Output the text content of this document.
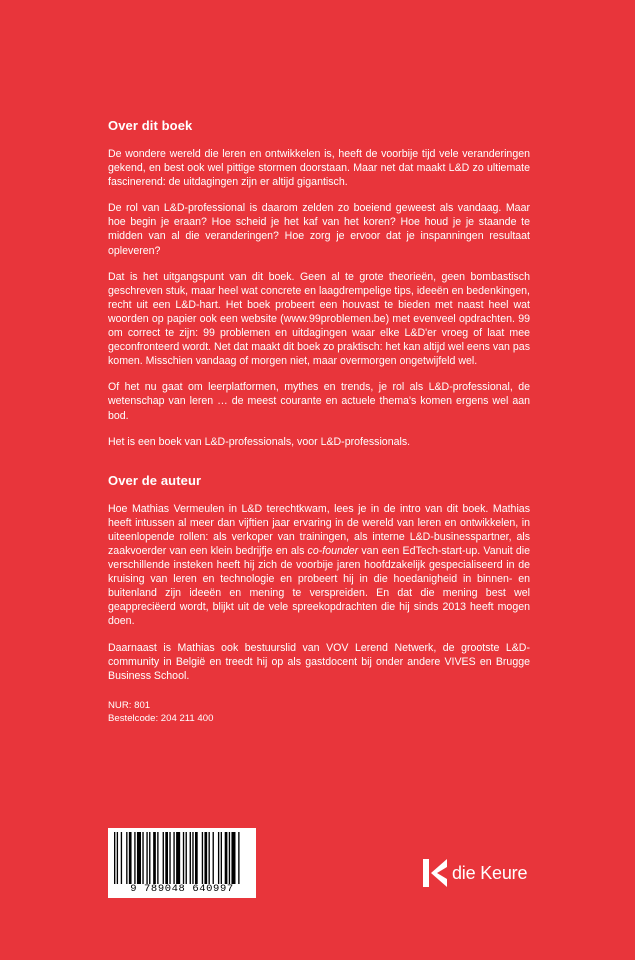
Over dit boek

De wondere wereld die leren en ontwikkelen is, heeft de voorbije tijd vele veranderingen gekend, en best ook wel pittige stormen doorstaan. Maar net dat maakt L&D zo ultiemate fascinerend: de uitdagingen zijn er altijd gigantisch.

De rol van L&D-professional is daarom zelden zo boeiend geweest als vandaag. Maar hoe begin je eraan? Hoe scheid je het kaf van het koren? Hoe houd je je staande te midden van al die veranderingen? Hoe zorg je ervoor dat je inspanningen resultaat opleveren?

Dat is het uitgangspunt van dit boek. Geen al te grote theorieën, geen bombastisch geschreven stuk, maar heel wat concrete en laagdrempelige tips, ideeën en bedenkingen, recht uit een L&D-hart. Het boek probeert een houvast te bieden met naast heel wat woorden op papier ook een website (www.99problemen.be) met evenveel opdrachten. 99 om correct te zijn: 99 problemen en uitdagingen waar elke L&D'er vroeg of laat mee geconfronteerd wordt. Net dat maakt dit boek zo praktisch: het kan altijd wel eens van pas komen. Misschien vandaag of morgen niet, maar overmorgen ongetwijfeld wel.

Of het nu gaat om leerplatformen, mythes en trends, je rol als L&D-professional, de wetenschap van leren … de meest courante en actuele thema's komen ergens wel aan bod.

Het is een boek van L&D-professionals, voor L&D-professionals.

Over de auteur

Hoe Mathias Vermeulen in L&D terechtkwam, lees je in de intro van dit boek. Mathias heeft intussen al meer dan vijftien jaar ervaring in de wereld van leren en ontwikkelen, in uiteenlopende rollen: als verkoper van trainingen, als interne L&D-businesspartner, als zaakvoerder van een klein bedrijfje en als co-founder van een EdTech-start-up. Vanuit die verschillende insteken heeft hij zich de voorbije jaren hoofdzakelijk gespecialiseerd in de kruising van leren en technologie en probeert hij in die hoedanigheid in binnen- en buitenland zijn ideeën en mening te verspreiden. En dat die mening best wel geappreciëerd wordt, blijkt uit de vele spreekopdrachten die hij sinds 2013 heeft mogen doen.

Daarnaast is Mathias ook bestuurslid van VOV Lerend Netwerk, de grootste L&D-community in België en treedt hij op als gastdocent bij onder andere VIVES en Brugge Business School.

NUR: 801
Bestelcode: 204 211 400
9 789048 640997
die Keure
